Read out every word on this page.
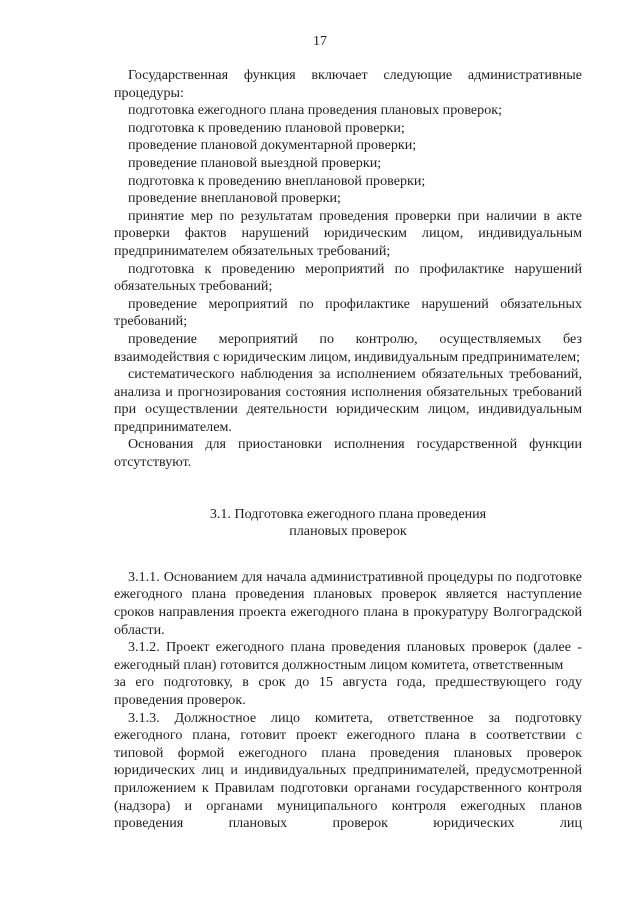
17

Государственная функция включает следующие административные процедуры:

подготовка ежегодного плана проведения плановых проверок;

подготовка к проведению плановой проверки;

проведение плановой документарной проверки;

проведение плановой выездной проверки;

подготовка к проведению внеплановой проверки;

проведение внеплановой проверки;

принятие мер по результатам проведения проверки при наличии в акте проверки фактов нарушений юридическим лицом, индивидуальным предпринимателем обязательных требований;

подготовка к проведению мероприятий по профилактике нарушений обязательных требований;

проведение мероприятий по профилактике нарушений обязательных требований;

проведение мероприятий по контролю, осуществляемых без взаимодействия с юридическим лицом, индивидуальным предпринимателем;

систематического наблюдения за исполнением обязательных требований, анализа и прогнозирования состояния исполнения обязательных требований при осуществлении деятельности юридическим лицом, индивидуальным предпринимателем.

Основания для приостановки исполнения государственной функции отсутствуют.

3.1. Подготовка ежегодного плана проведения
плановых проверок

3.1.1. Основанием для начала административной процедуры по подготовке ежегодного плана проведения плановых проверок является наступление сроков направления проекта ежегодного плана в прокуратуру Волгоградской области.

3.1.2. Проект ежегодного плана проведения плановых проверок (далее - ежегодный план) готовится должностным лицом комитета, ответственным

за его подготовку, в срок до 15 августа года, предшествующего году проведения проверок.

3.1.3. Должностное лицо комитета, ответственное за подготовку ежегодного плана, готовит проект ежегодного плана в соответствии с типовой формой ежегодного плана проведения плановых проверок юридических лиц и индивидуальных предпринимателей, предусмотренной приложением к Правилам подготовки органами государственного контроля (надзора) и органами муниципального контроля ежегодных планов проведения плановых проверок юридических лиц
